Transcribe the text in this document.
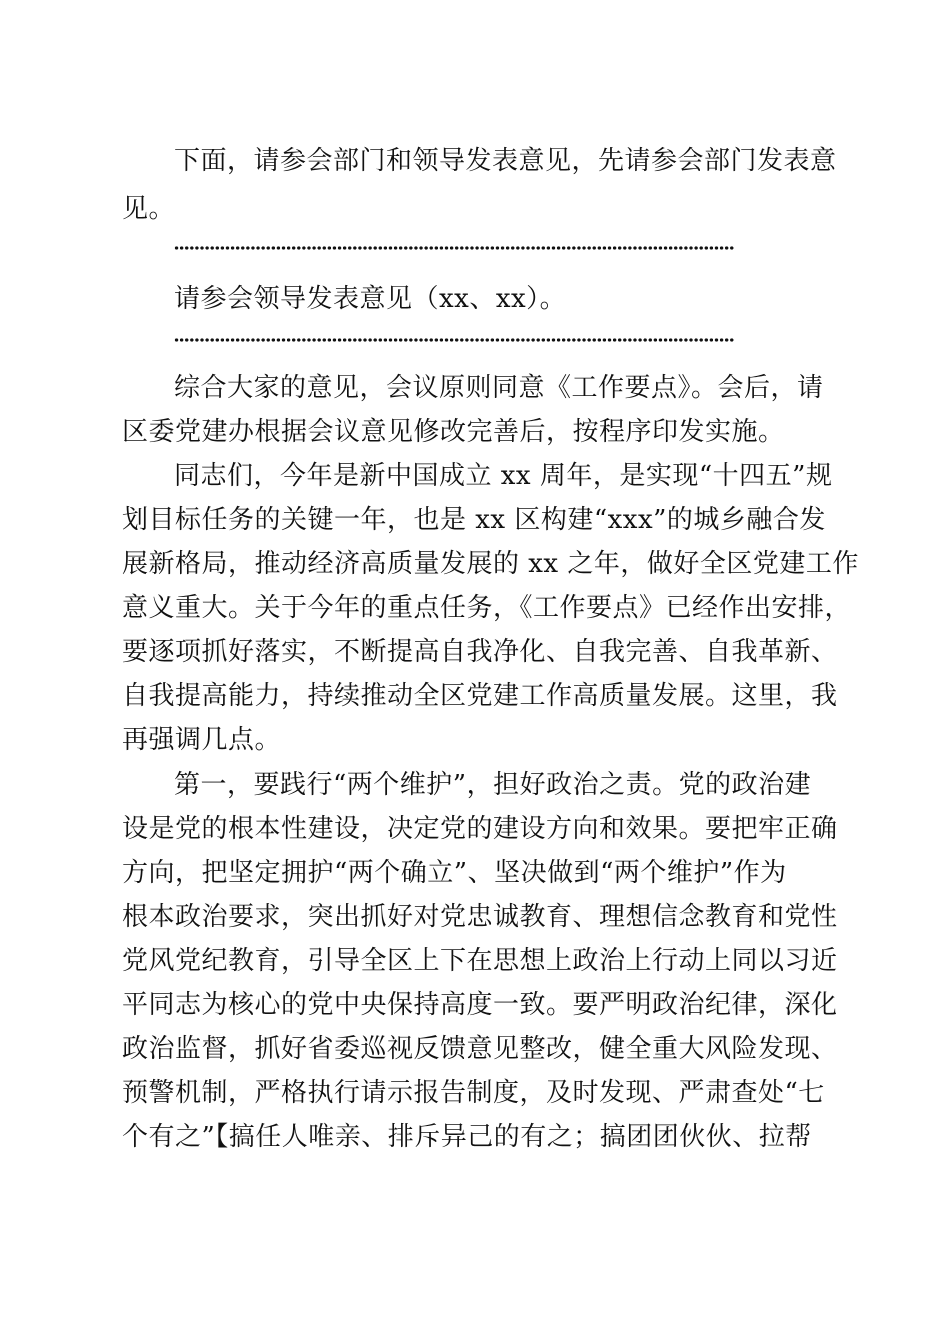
下面，请参会部门和领导发表意见，先请参会部门发表意
见。
请参会领导发表意见（xx、xx）。
综合大家的意见，会议原则同意《工作要点》。会后，请
区委党建办根据会议意见修改完善后，按程序印发实施。
同志们，今年是新中国成立 xx 周年，是实现“十四五”规
划目标任务的关键一年，也是 xx 区构建“xxx”的城乡融合发
展新格局，推动经济高质量发展的 xx 之年，做好全区党建工作
意义重大。关于今年的重点任务，《工作要点》已经作出安排，
要逐项抓好落实，不断提高自我净化、自我完善、自我革新、
自我提高能力，持续推动全区党建工作高质量发展。这里，我
再强调几点。
第一，要践行“两个维护”，担好政治之责。党的政治建
设是党的根本性建设，决定党的建设方向和效果。要把牢正确
方向，把坚定拥护“两个确立”、坚决做到“两个维护”作为
根本政治要求，突出抓好对党忠诚教育、理想信念教育和党性
党风党纪教育，引导全区上下在思想上政治上行动上同以习近
平同志为核心的党中央保持高度一致。要严明政治纪律，深化
政治监督，抓好省委巡视反馈意见整改，健全重大风险发现、
预警机制，严格执行请示报告制度，及时发现、严肃查处“七
个有之”【搞任人唯亲、排斥异己的有之；搞团团伙伙、拉帮
